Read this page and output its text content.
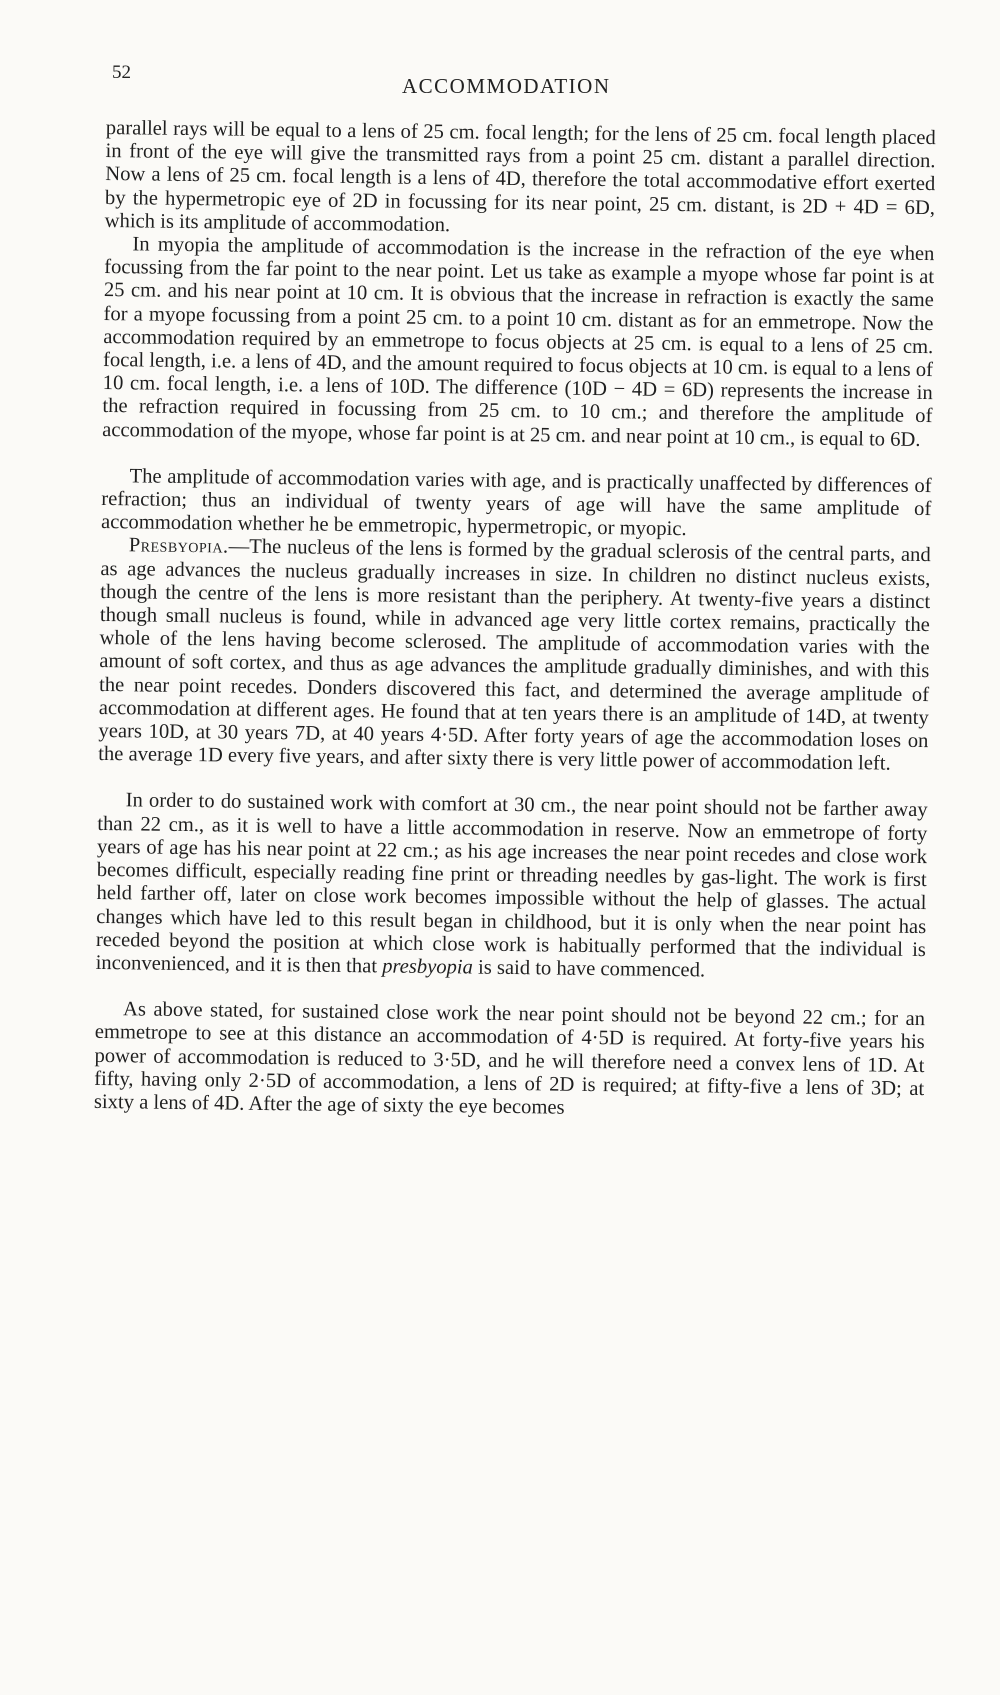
52
ACCOMMODATION

parallel rays will be equal to a lens of 25 cm. focal length; for the lens of 25 cm. focal length placed in front of the eye will give the transmitted rays from a point 25 cm. distant a parallel direction. Now a lens of 25 cm. focal length is a lens of 4D, therefore the total accommodative effort exerted by the hypermetropic eye of 2D in focussing for its near point, 25 cm. distant, is 2D + 4D = 6D, which is its amplitude of accommodation.

In myopia the amplitude of accommodation is the increase in the refraction of the eye when focussing from the far point to the near point. Let us take as example a myope whose far point is at 25 cm. and his near point at 10 cm. It is obvious that the increase in refraction is exactly the same for a myope focussing from a point 25 cm. to a point 10 cm. distant as for an emmetrope. Now the accommodation required by an emmetrope to focus objects at 25 cm. is equal to a lens of 25 cm. focal length, i.e. a lens of 4D, and the amount required to focus objects at 10 cm. is equal to a lens of 10 cm. focal length, i.e. a lens of 10D. The difference (10D − 4D = 6D) represents the increase in the refraction required in focussing from 25 cm. to 10 cm.; and therefore the amplitude of accommodation of the myope, whose far point is at 25 cm. and near point at 10 cm., is equal to 6D.

The amplitude of accommodation varies with age, and is practically unaffected by differences of refraction; thus an individual of twenty years of age will have the same amplitude of accommodation whether he be emmetropic, hypermetropic, or myopic.

Presbyopia.—The nucleus of the lens is formed by the gradual sclerosis of the central parts, and as age advances the nucleus gradually increases in size. In children no distinct nucleus exists, though the centre of the lens is more resistant than the periphery. At twenty-five years a distinct though small nucleus is found, while in advanced age very little cortex remains, practically the whole of the lens having become sclerosed. The amplitude of accommodation varies with the amount of soft cortex, and thus as age advances the amplitude gradually diminishes, and with this the near point recedes. Donders discovered this fact, and determined the average amplitude of accommodation at different ages. He found that at ten years there is an amplitude of 14D, at twenty years 10D, at 30 years 7D, at 40 years 4·5D. After forty years of age the accommodation loses on the average 1D every five years, and after sixty there is very little power of accommodation left.

In order to do sustained work with comfort at 30 cm., the near point should not be farther away than 22 cm., as it is well to have a little accommodation in reserve. Now an emmetrope of forty years of age has his near point at 22 cm.; as his age increases the near point recedes and close work becomes difficult, especially reading fine print or threading needles by gas-light. The work is first held farther off, later on close work becomes impossible without the help of glasses. The actual changes which have led to this result began in childhood, but it is only when the near point has receded beyond the position at which close work is habitually performed that the individual is inconvenienced, and it is then that presbyopia is said to have commenced.

As above stated, for sustained close work the near point should not be beyond 22 cm.; for an emmetrope to see at this distance an accommodation of 4·5D is required. At forty-five years his power of accommodation is reduced to 3·5D, and he will therefore need a convex lens of 1D. At fifty, having only 2·5D of accommodation, a lens of 2D is required; at fifty-five a lens of 3D; at sixty a lens of 4D. After the age of sixty the eye becomes
